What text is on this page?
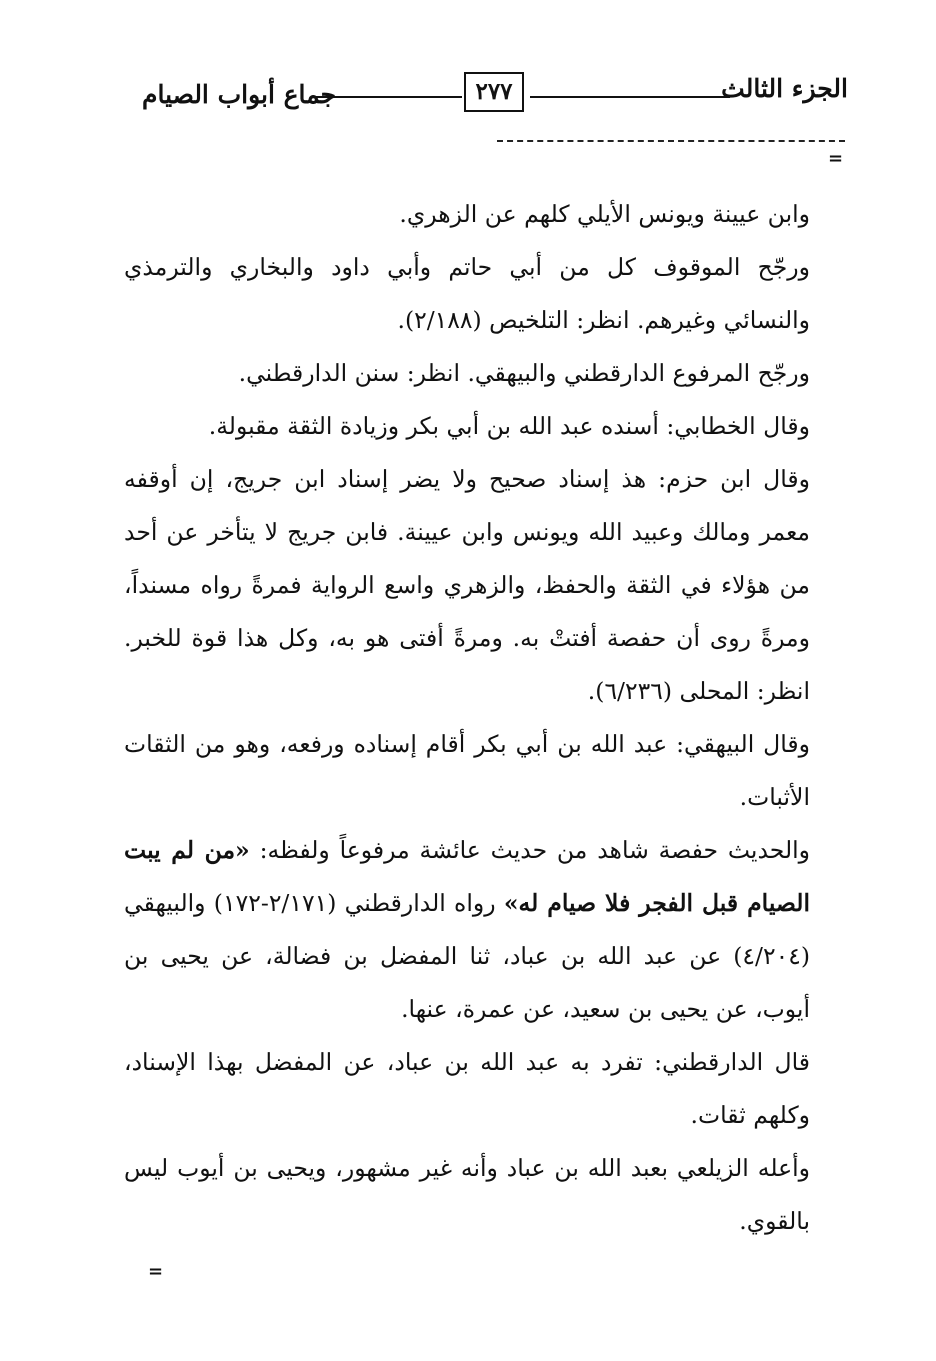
الجزء الثالث
٢٧٧
جماع أبواب الصيام
=

وابن عيينة ويونس الأيلي كلهم عن الزهري.

ورجّح الموقوف كل من أبي حاتم وأبي داود والبخاري والترمذي والنسائي وغيرهم. انظر: التلخيص (٢/١٨٨).

ورجّح المرفوع الدارقطني والبيهقي. انظر: سنن الدارقطني.

وقال الخطابي: أسنده عبد الله بن أبي بكر وزيادة الثقة مقبولة.

وقال ابن حزم: هذ إسناد صحيح ولا يضر إسناد ابن جريج، إن أوقفه معمر ومالك وعبيد الله ويونس وابن عيينة. فابن جريج لا يتأخر عن أحد من هؤلاء في الثقة والحفظ، والزهري واسع الرواية فمرةً رواه مسنداً، ومرةً روى أن حفصة أفتتْ به. ومرةً أفتى هو به، وكل هذا قوة للخبر. انظر: المحلى (٦/٢٣٦).

وقال البيهقي: عبد الله بن أبي بكر أقام إسناده ورفعه، وهو من الثقات الأثبات.

والحديث حفصة شاهد من حديث عائشة مرفوعاً ولفظه: «من لم يبت الصيام قبل الفجر فلا صيام له» رواه الدارقطني (٢/١٧١-١٧٢) والبيهقي (٤/٢٠٤) عن عبد الله بن عباد، ثنا المفضل بن فضالة، عن يحيى بن أيوب، عن يحيى بن سعيد، عن عمرة، عنها.

قال الدارقطني: تفرد به عبد الله بن عباد، عن المفضل بهذا الإسناد، وكلهم ثقات.

وأعله الزيلعي بعبد الله بن عباد وأنه غير مشهور، ويحيى بن أيوب ليس بالقوي.

=
